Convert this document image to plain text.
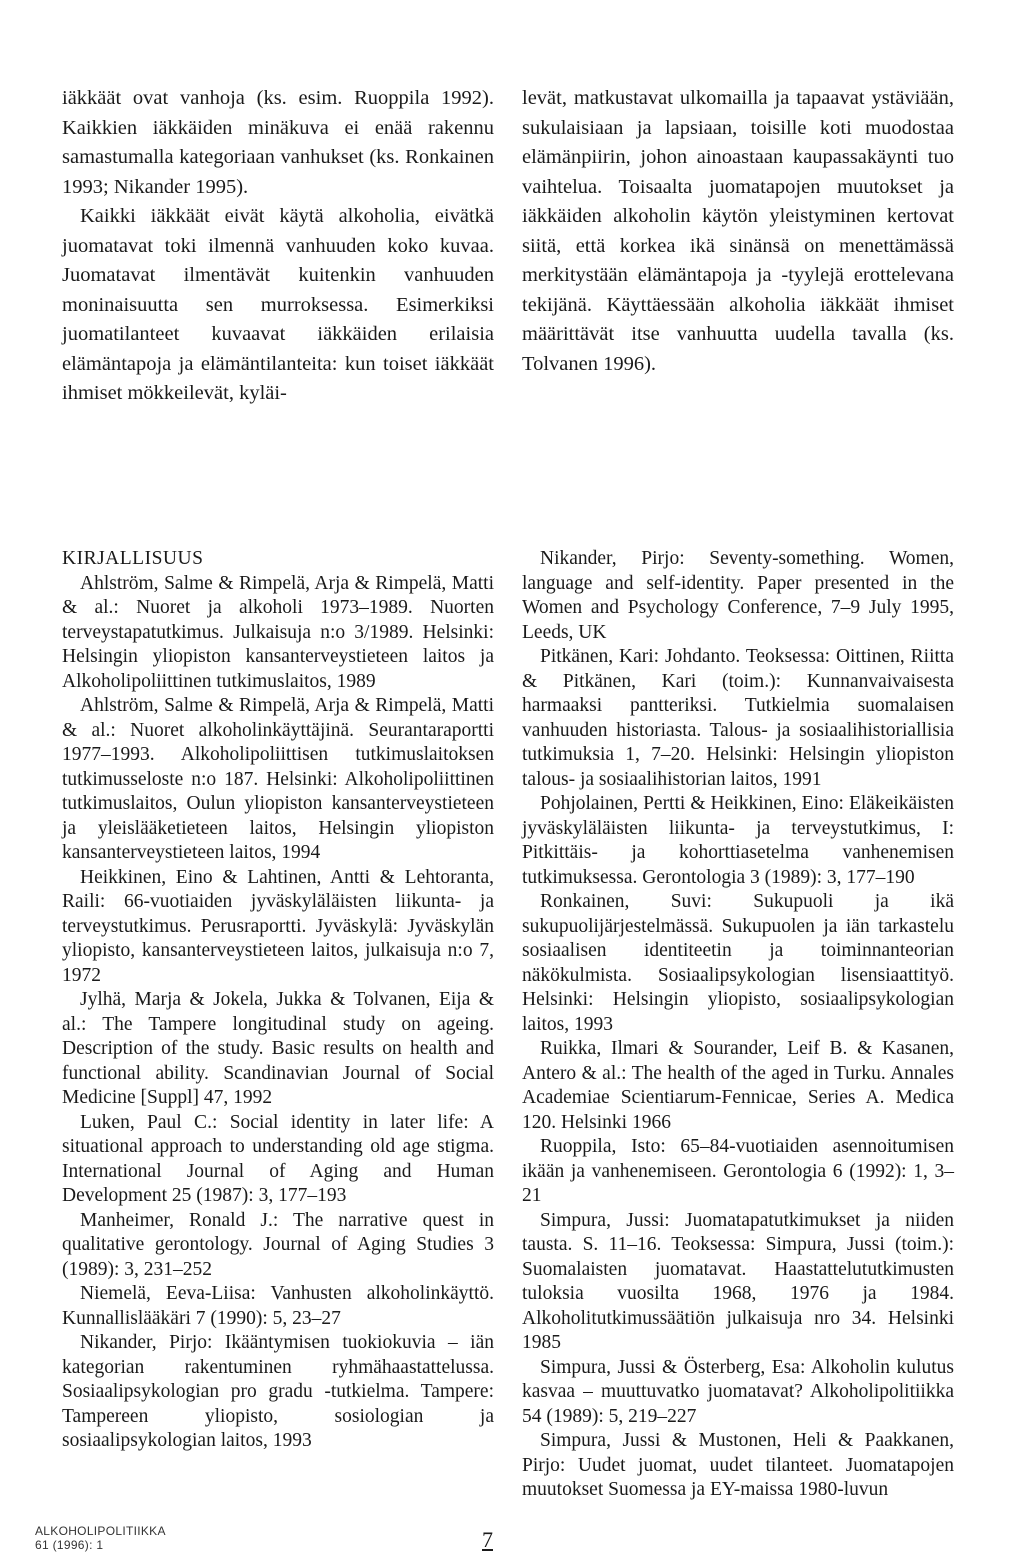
iäkkäät ovat vanhoja (ks. esim. Ruoppila 1992). Kaikkien iäkkäiden minäkuva ei enää rakennu samastumalla kategoriaan vanhukset (ks. Ronkainen 1993; Nikander 1995).

Kaikki iäkkäät eivät käytä alkoholia, eivätkä juomatavat toki ilmennä vanhuuden koko kuvaa. Juomatavat ilmentävät kuitenkin vanhuuden moninaisuutta sen murroksessa. Esimerkiksi juomatilanteet kuvaavat iäkkäiden erilaisia elämäntapoja ja elämäntilanteita: kun toiset iäkkäät ihmiset mökkeilevät, kyläi-

levät, matkustavat ulkomailla ja tapaavat ystäviään, sukulaisiaan ja lapsiaan, toisille koti muodostaa elämänpiirin, johon ainoastaan kaupassakäynti tuo vaihtelua. Toisaalta juomatapojen muutokset ja iäkkäiden alkoholin käytön yleistyminen kertovat siitä, että korkea ikä sinänsä on menettämässä merkitystään elämäntapoja ja -tyylejä erottelevana tekijänä. Käyttäessään alkoholia iäkkäät ihmiset määrittävät itse vanhuutta uudella tavalla (ks. Tolvanen 1996).

KIRJALLISUUS

Ahlström, Salme & Rimpelä, Arja & Rimpelä, Matti & al.: Nuoret ja alkoholi 1973–1989. Nuorten terveystapatutkimus. Julkaisuja n:o 3/1989. Helsinki: Helsingin yliopiston kansanterveystieteen laitos ja Alkoholipoliittinen tutkimuslaitos, 1989

Ahlström, Salme & Rimpelä, Arja & Rimpelä, Matti & al.: Nuoret alkoholinkäyttäjinä. Seurantaraportti 1977–1993. Alkoholipoliittisen tutkimuslaitoksen tutkimusseloste n:o 187. Helsinki: Alkoholipoliittinen tutkimuslaitos, Oulun yliopiston kansanterveystieteen ja yleislääketieteen laitos, Helsingin yliopiston kansanterveystieteen laitos, 1994

Heikkinen, Eino & Lahtinen, Antti & Lehtoranta, Raili: 66-vuotiaiden jyväskyläläisten liikunta- ja terveystutkimus. Perusraportti. Jyväskylä: Jyväskylän yliopisto, kansanterveystieteen laitos, julkaisuja n:o 7, 1972

Jylhä, Marja & Jokela, Jukka & Tolvanen, Eija & al.: The Tampere longitudinal study on ageing. Description of the study. Basic results on health and functional ability. Scandinavian Journal of Social Medicine [Suppl] 47, 1992

Luken, Paul C.: Social identity in later life: A situational approach to understanding old age stigma. International Journal of Aging and Human Development 25 (1987): 3, 177–193

Manheimer, Ronald J.: The narrative quest in qualitative gerontology. Journal of Aging Studies 3 (1989): 3, 231–252

Niemelä, Eeva-Liisa: Vanhusten alkoholinkäyttö. Kunnallislääkäri 7 (1990): 5, 23–27

Nikander, Pirjo: Ikääntymisen tuokiokuvia – iän kategorian rakentuminen ryhmähaastattelussa. Sosiaalipsykologian pro gradu -tutkielma. Tampere: Tampereen yliopisto, sosiologian ja sosiaalipsykologian laitos, 1993

Nikander, Pirjo: Seventy-something. Women, language and self-identity. Paper presented in the Women and Psychology Conference, 7–9 July 1995, Leeds, UK

Pitkänen, Kari: Johdanto. Teoksessa: Oittinen, Riitta & Pitkänen, Kari (toim.): Kunnanvaivaisesta harmaaksi pantteriksi. Tutkielmia suomalaisen vanhuuden historiasta. Talous- ja sosiaalihistoriallisia tutkimuksia 1, 7–20. Helsinki: Helsingin yliopiston talous- ja sosiaalihistorian laitos, 1991

Pohjolainen, Pertti & Heikkinen, Eino: Eläkeikäisten jyväskyläläisten liikunta- ja terveystutkimus, I: Pitkittäis- ja kohorttiasetelma vanhenemisen tutkimuksessa. Gerontologia 3 (1989): 3, 177–190

Ronkainen, Suvi: Sukupuoli ja ikä sukupuolijärjestelmässä. Sukupuolen ja iän tarkastelu sosiaalisen identiteetin ja toiminnanteorian näkökulmista. Sosiaalipsykologian lisensiaattityö. Helsinki: Helsingin yliopisto, sosiaalipsykologian laitos, 1993

Ruikka, Ilmari & Sourander, Leif B. & Kasanen, Antero & al.: The health of the aged in Turku. Annales Academiae Scientiarum-Fennicae, Series A. Medica 120. Helsinki 1966

Ruoppila, Isto: 65–84-vuotiaiden asennoitumisen ikään ja vanhenemiseen. Gerontologia 6 (1992): 1, 3–21

Simpura, Jussi: Juomatapatutkimukset ja niiden tausta. S. 11–16. Teoksessa: Simpura, Jussi (toim.): Suomalaisten juomatavat. Haastattelututkimusten tuloksia vuosilta 1968, 1976 ja 1984. Alkoholitutkimussäätiön julkaisuja nro 34. Helsinki 1985

Simpura, Jussi & Österberg, Esa: Alkoholin kulutus kasvaa – muuttuvatko juomatavat? Alkoholipolitiikka 54 (1989): 5, 219–227

Simpura, Jussi & Mustonen, Heli & Paakkanen, Pirjo: Uudet juomat, uudet tilanteet. Juomatapojen muutokset Suomessa ja EY-maissa 1980-luvun

ALKOHOLIPOLITIIKKA
61 (1996): 1	7
